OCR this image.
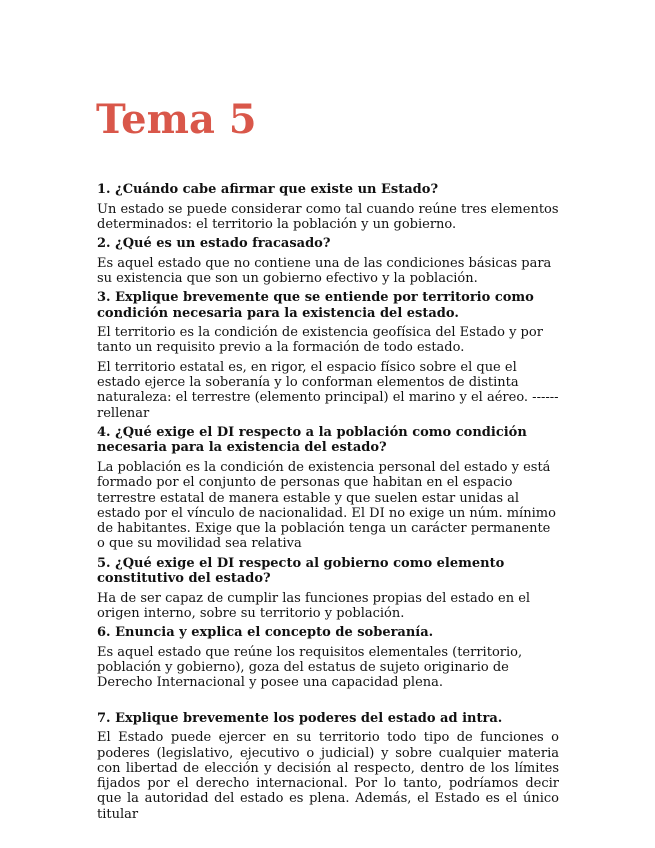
Tema 5
1. ¿Cuándo cabe afirmar que existe un Estado?
Un estado se puede considerar como tal cuando reúne tres elementos determinados: el territorio la población y un gobierno.
2. ¿Qué es un estado fracasado?
Es aquel estado que no contiene una de las condiciones básicas para su existencia que son un gobierno efectivo y la población.
3. Explique brevemente que se entiende por territorio como condición necesaria para la existencia del estado.
El territorio es la condición de existencia geofísica del Estado y por tanto un requisito previo a la formación de todo estado.
El territorio estatal es, en rigor, el espacio físico sobre el que el estado ejerce la soberanía y lo conforman elementos de distinta naturaleza: el terrestre (elemento principal) el marino y el aéreo. ------ rellenar
4. ¿Qué exige el DI respecto a la población como condición necesaria para la existencia del estado?
La población es la condición de existencia personal del estado y está formado por el conjunto de personas que habitan en el espacio terrestre estatal de manera estable y que suelen estar unidas al estado por el vínculo de nacionalidad. El DI no exige un núm. mínimo de habitantes. Exige que la población tenga un carácter permanente o que su movilidad sea relativa
5. ¿Qué exige el DI respecto al gobierno como elemento constitutivo del estado?
Ha de ser capaz de cumplir las funciones propias del estado en el origen interno, sobre su territorio y población.
6. Enuncia y explica el concepto de soberanía.
Es aquel estado que reúne los requisitos elementales (territorio, población y gobierno), goza del estatus de sujeto originario de Derecho Internacional y posee una capacidad plena.
7. Explique brevemente los poderes del estado ad intra.
El Estado puede ejercer en su territorio todo tipo de funciones o poderes (legislativo, ejecutivo o judicial) y sobre cualquier materia con libertad de elección y decisión al respecto, dentro de los límites fijados por el derecho internacional. Por lo tanto, podríamos decir que la autoridad del estado es plena. Además, el Estado es el único titular
